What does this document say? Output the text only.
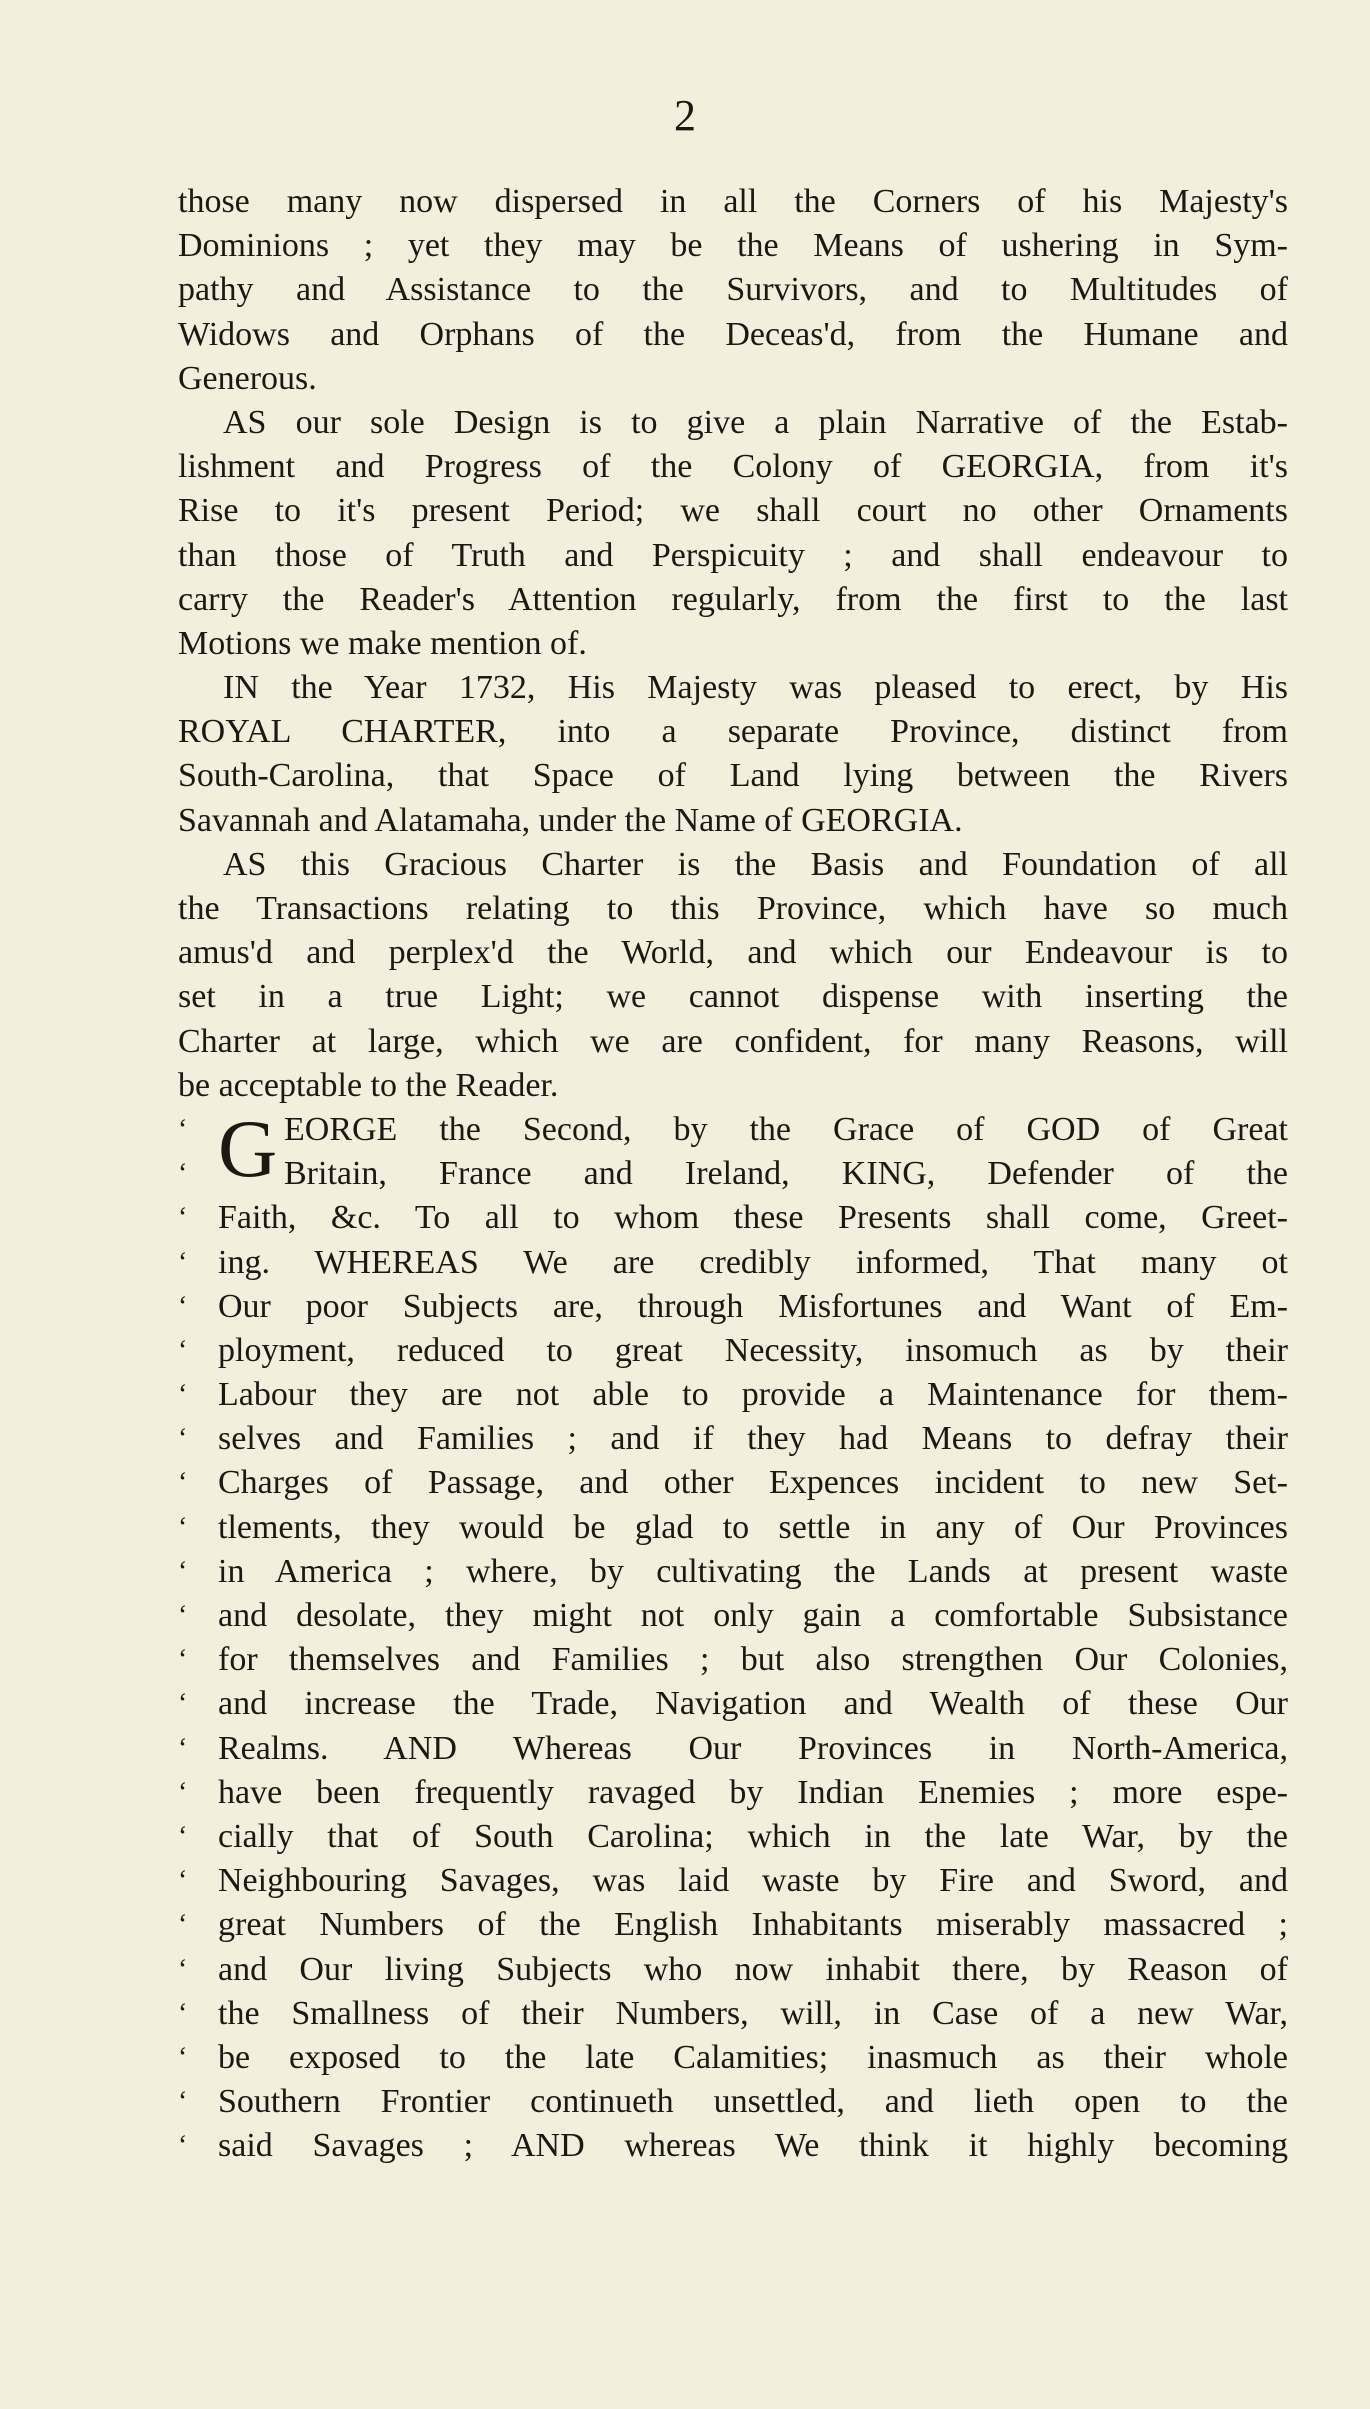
2
those many now dispersed in all the Corners of his Majesty's
Dominions ; yet they may be the Means of ushering in Sym-
pathy and Assistance to the Survivors, and to Multitudes of
Widows and Orphans of the Deceas'd, from the Humane and
Generous.
AS our sole Design is to give a plain Narrative of the Estab-
lishment and Progress of the Colony of GEORGIA, from it's
Rise to it's present Period; we shall court no other Ornaments
than those of Truth and Perspicuity ; and shall endeavour to
carry the Reader's Attention regularly, from the first to the last
Motions we make mention of.
IN the Year 1732, His Majesty was pleased to erect, by His
ROYAL CHARTER, into a separate Province, distinct from
South-Carolina, that Space of Land lying between the Rivers
Savannah and Alatamaha, under the Name of GEORGIA.
AS this Gracious Charter is the Basis and Foundation of all
the Transactions relating to this Province, which have so much
amus'd and perplex'd the World, and which our Endeavour is to
set in a true Light; we cannot dispense with inserting the
Charter at large, which we are confident, for many Reasons, will
be acceptable to the Reader.
‘ G EORGE the Second, by the Grace of GOD of Great
‘	Britain, France and Ireland, KING, Defender of the
‘ Faith, &c. To all to whom these Presents shall come, Greet-
‘ ing. WHEREAS We are credibly informed, That many ot
‘ Our poor Subjects are, through Misfortunes and Want of Em-
‘ ployment, reduced to great Necessity, insomuch as by their
‘ Labour they are not able to provide a Maintenance for them-
‘ selves and Families ; and if they had Means to defray their
‘ Charges of Passage, and other Expences incident to new Set-
‘ tlements, they would be glad to settle in any of Our Provinces
‘ in America ; where, by cultivating the Lands at present waste
‘ and desolate, they might not only gain a comfortable Subsistance
‘ for themselves and Families ; but also strengthen Our Colonies,
‘ and increase the Trade, Navigation and Wealth of these Our
‘ Realms. AND Whereas Our Provinces in North-America,
‘ have been frequently ravaged by Indian Enemies ; more espe-
‘ cially that of South Carolina; which in the late War, by the
‘ Neighbouring Savages, was laid waste by Fire and Sword, and
‘ great Numbers of the English Inhabitants miserably massacred ;
‘ and Our living Subjects who now inhabit there, by Reason of
‘ the Smallness of their Numbers, will, in Case of a new War,
‘ be exposed to the late Calamities; inasmuch as their whole
‘ Southern Frontier continueth unsettled, and lieth open to the
‘ said Savages ; AND whereas We think it highly becoming
